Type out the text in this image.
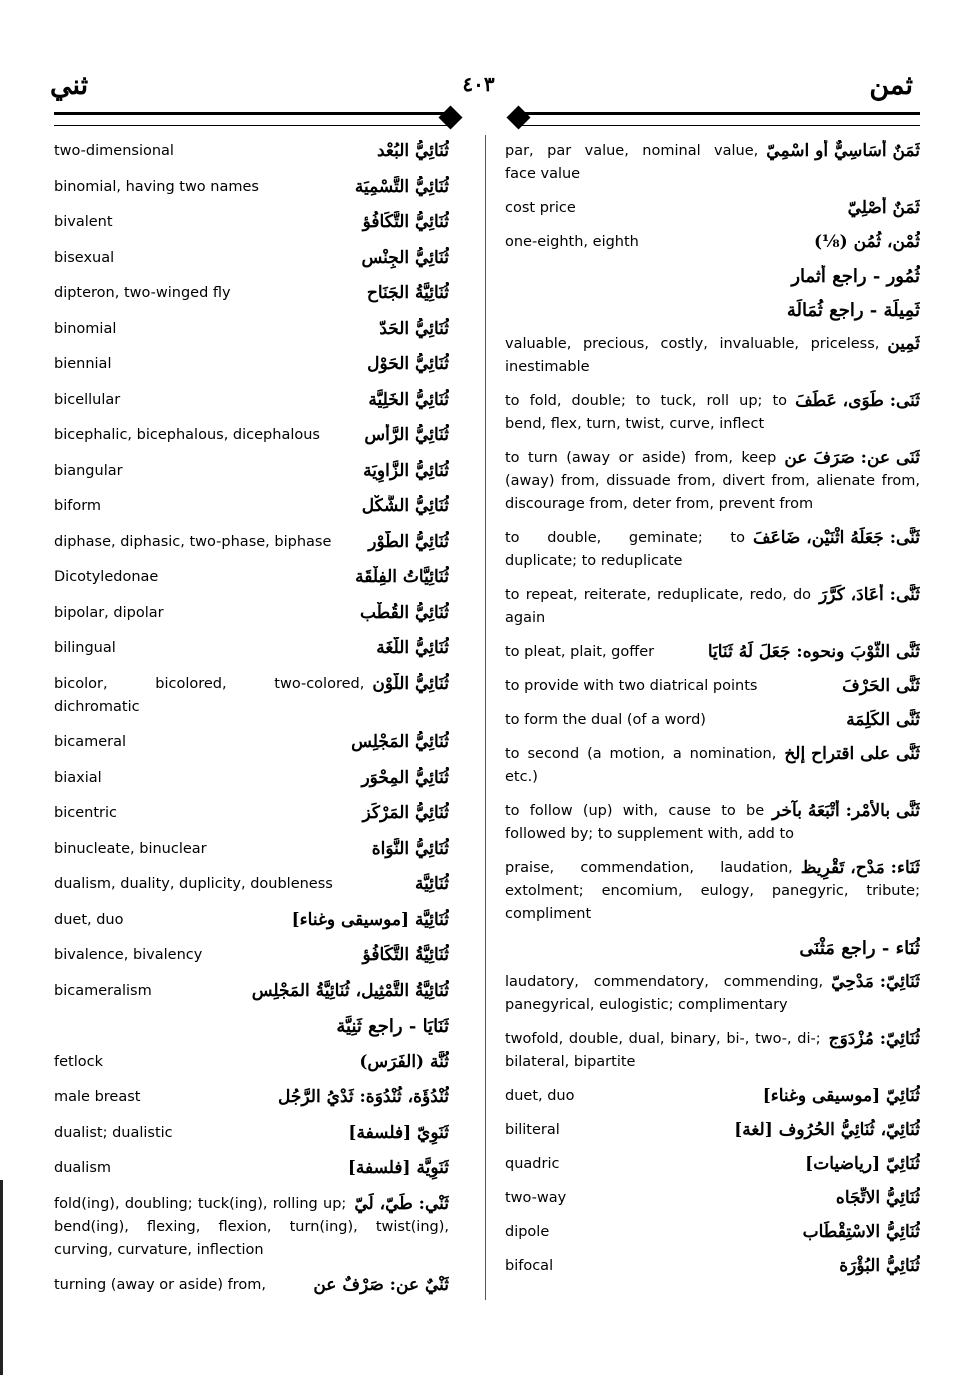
ثني	٤٠٣	ثمن
ثُنَائِيُّ البُعْد
two-dimensional
ثُنَائِيُّ التَّسْمِيَة
binomial, having two names
ثُنَائِيُّ التَّكَافُؤ
bivalent
ثُنَائِيُّ الجِنْس
bisexual
ثُنَائِيَّةُ الجَنَاح
dipteron, two-winged fly
ثُنَائِيُّ الحَدّ
binomial
ثُنَائِيُّ الحَوْل
biennial
ثُنَائِيُّ الخَلِيَّة
bicellular
ثُنَائِيُّ الرَّأْس
bicephalic, bicephalous, dicephalous
ثُنَائِيُّ الزَّاوِيَة
biangular
ثُنَائِيُّ الشَّكْل
biform
ثُنَائِيُّ الطَّوْر
diphase, diphasic, two-phase, biphase
ثُنَائِيَّاتُ الفِلْقَة
Dicotyledonae
ثُنَائِيُّ القُطْب
bipolar, dipolar
ثُنَائِيُّ اللُّغَة
bilingual
ثُنَائِيُّ اللَّوْن
bicolor, bicolored, two-colored, dichromatic
ثُنَائِيُّ المَجْلِس
bicameral
ثُنَائِيُّ المِحْوَر
biaxial
ثُنَائِيُّ المَرْكَز
bicentric
ثُنَائِيُّ النَّوَاة
binucleate, binuclear
ثُنَائِيَّة
dualism, duality, duplicity, doubleness
ثُنَائِيَّة [موسيقى وغناء]
duet, duo
ثُنَائِيَّةُ التَّكَافُؤ
bivalence, bivalency
ثُنَائِيَّةُ التَّمْثِيل، ثُنَائِيَّةُ المَجْلِس
bicameralism
ثَنَايَا - راجع ثَنِيَّة
ثُنَّة (الفَرَس)
fetlock
ثُنْدُؤَة، ثُنْدُوَة: ثَدْيُ الرَّجُل
male breast
ثَنَوِيّ [فلسفة]
dualist; dualistic
ثَنَوِيَّة [فلسفة]
dualism
ثَنْي: طَيّ، لَيّ
fold(ing), doubling; tuck(ing), rolling up; bend(ing), flexing, flexion, turn(ing), twist(ing), curving, curvature, inflection
ثَنْيٌ عن: صَرْفٌ عن
turning (away or aside) from,
ثَمَنٌ أَسَاسِيٌّ أو اسْمِيّ
par, par value, nominal value, face value
ثَمَنٌ أَصْلِيّ
cost price
ثُمْن، ثُمُن (⅛)
one-eighth, eighth
ثُمُور - راجع أثمار
ثَمِيلَة - راجع ثُمَالَة
ثَمِين
valuable, precious, costly, invaluable, priceless, inestimable
ثَنَى: طَوَى، عَطَفَ
to fold, double; to tuck, roll up; to bend, flex, turn, twist, curve, inflect
ثَنَى عن: صَرَفَ عن
to turn (away or aside) from, keep (away) from, dissuade from, divert from, alienate from, discourage from, deter from, prevent from
ثَنَّى: جَعَلَهُ اثْنَيْن، ضَاعَفَ
to double, geminate; to duplicate; to reduplicate
ثَنَّى: أَعَادَ، كَرَّرَ
to repeat, reiterate, reduplicate, redo, do again
ثَنَّى الثَّوْبَ ونحوه: جَعَلَ لَهُ ثَنَايَا
to pleat, plait, goffer
ثَنَّى الحَرْفَ
to provide with two diatrical points
ثَنَّى الكَلِمَة
to form the dual (of a word)
ثَنَّى على اقتراح إلخ
to second (a motion, a nomination, etc.)
ثَنَّى بالأَمْر: أَتْبَعَهُ بآخر
to follow (up) with, cause to be followed by; to supplement with, add to
ثَنَاء: مَدْح، تَقْرِيظ
praise, commendation, laudation, extolment; encomium, eulogy, panegyric, tribute; compliment
ثُنَاء - راجع مَثْنَى
ثَنَائِيّ: مَدْحِيّ
laudatory, commendatory, commending, panegyrical, eulogistic; complimentary
ثُنَائِيّ: مُزْدَوَج
twofold, double, dual, binary, bi-, two-, di-; bilateral, bipartite
ثُنَائِيّ [موسيقى وغناء]
duet, duo
ثُنَائِيّ، ثُنَائِيُّ الحُرُوف [لغة]
biliteral
ثُنَائِيّ [رياضيات]
quadric
ثُنَائِيُّ الاتِّجَاه
two-way
ثُنَائِيُّ الاسْتِقْطَاب
dipole
ثُنَائِيُّ البُؤْرَة
bifocal
